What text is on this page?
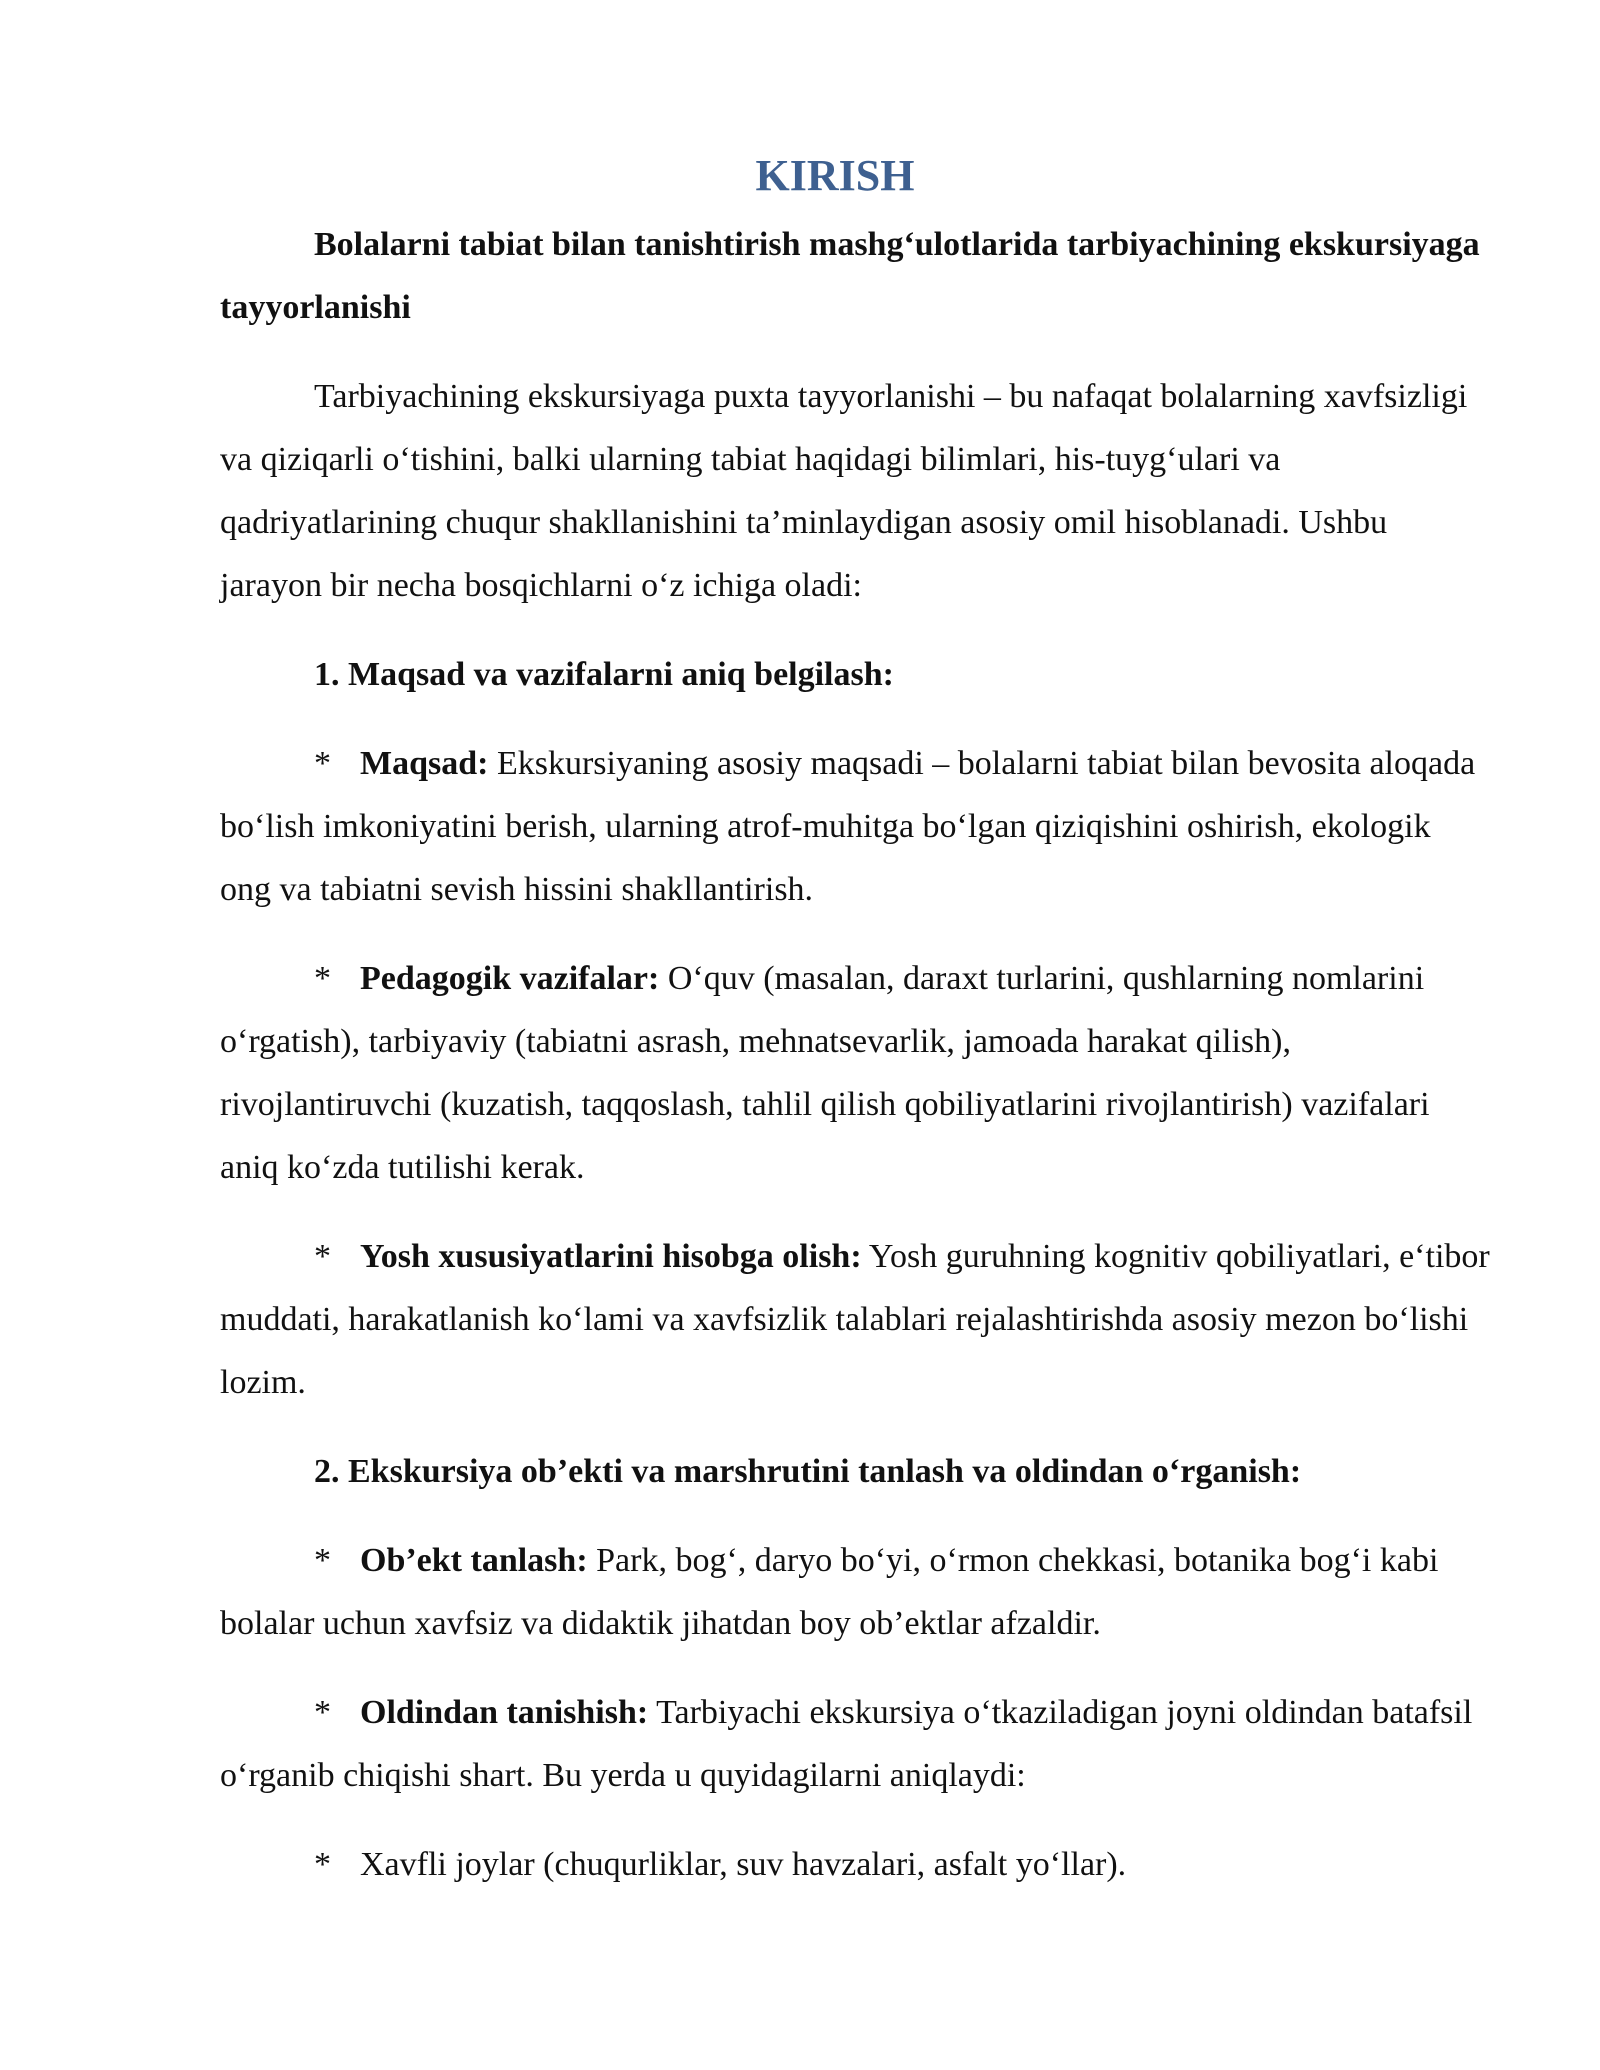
KIRISH
Bolalarni tabiat bilan tanishtirish mashg‘ulotlarida tarbiyachining ekskursiyaga tayyorlanishi

Tarbiyachining ekskursiyaga puxta tayyorlanishi – bu nafaqat bolalarning xavfsizligi va qiziqarli o‘tishini, balki ularning tabiat haqidagi bilimlari, his-tuyg‘ulari va qadriyatlarining chuqur shakllanishini ta’minlaydigan asosiy omil hisoblanadi. Ushbu jarayon bir necha bosqichlarni o‘z ichiga oladi:

1. Maqsad va vazifalarni aniq belgilash:

* Maqsad: Ekskursiyaning asosiy maqsadi – bolalarni tabiat bilan bevosita aloqada bo‘lish imkoniyatini berish, ularning atrof-muhitga bo‘lgan qiziqishini oshirish, ekologik ong va tabiatni sevish hissini shakllantirish.

* Pedagogik vazifalar: O‘quv (masalan, daraxt turlarini, qushlarning nomlarini o‘rgatish), tarbiyaviy (tabiatni asrash, mehnatsevarlik, jamoada harakat qilish), rivojlantiruvchi (kuzatish, taqqoslash, tahlil qilish qobiliyatlarini rivojlantirish) vazifalari aniq ko‘zda tutilishi kerak.

* Yosh xususiyatlarini hisobga olish: Yosh guruhning kognitiv qobiliyatlari, e‘tibor muddati, harakatlanish ko‘lami va xavfsizlik talablari rejalashtirishda asosiy mezon bo‘lishi lozim.

2. Ekskursiya ob’ekti va marshrutini tanlash va oldindan o‘rganish:

* Ob’ekt tanlash: Park, bog‘, daryo bo‘yi, o‘rmon chekkasi, botanika bog‘i kabi bolalar uchun xavfsiz va didaktik jihatdan boy ob’ektlar afzaldir.

* Oldindan tanishish: Tarbiyachi ekskursiya o‘tkaziladigan joyni oldindan batafsil o‘rganib chiqishi shart. Bu yerda u quyidagilarni aniqlaydi:

* Xavfli joylar (chuqurliklar, suv havzalari, asfalt yo‘llar).
